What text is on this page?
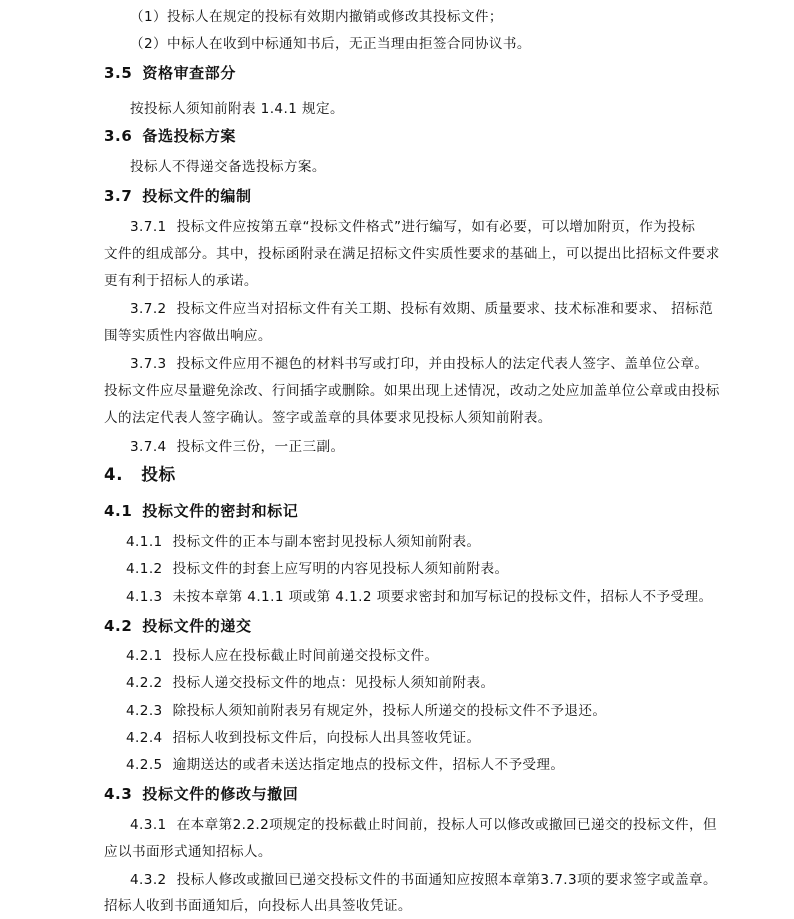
（1）投标人在规定的投标有效期内撤销或修改其投标文件；
（2）中标人在收到中标通知书后，无正当理由拒签合同协议书。
3.5 资格审查部分
按投标人须知前附表 1.4.1 规定。
3.6 备选投标方案
投标人不得递交备选投标方案。
3.7 投标文件的编制
3.7.1 投标文件应按第五章“投标文件格式”进行编写，如有必要，可以增加附页，作为投标
文件的组成部分。其中，投标函附录在满足招标文件实质性要求的基础上，可以提出比招标文件要求
更有利于招标人的承诺。
3.7.2 投标文件应当对招标文件有关工期、投标有效期、质量要求、技术标准和要求、 招标范
围等实质性内容做出响应。
3.7.3 投标文件应用不褪色的材料书写或打印，并由投标人的法定代表人签字、盖单位公章。
投标文件应尽量避免涂改、行间插字或删除。如果出现上述情况，改动之处应加盖单位公章或由投标
人的法定代表人签字确认。签字或盖章的具体要求见投标人须知前附表。
3.7.4 投标文件三份，一正三副。
4. 投标
4.1 投标文件的密封和标记
4.1.1 投标文件的正本与副本密封见投标人须知前附表。
4.1.2 投标文件的封套上应写明的内容见投标人须知前附表。
4.1.3 未按本章第 4.1.1 项或第 4.1.2 项要求密封和加写标记的投标文件，招标人不予受理。
4.2 投标文件的递交
4.2.1 投标人应在投标截止时间前递交投标文件。
4.2.2 投标人递交投标文件的地点：见投标人须知前附表。
4.2.3 除投标人须知前附表另有规定外，投标人所递交的投标文件不予退还。
4.2.4 招标人收到投标文件后，向投标人出具签收凭证。
4.2.5 逾期送达的或者未送达指定地点的投标文件，招标人不予受理。
4.3 投标文件的修改与撤回
4.3.1 在本章第2.2.2项规定的投标截止时间前，投标人可以修改或撤回已递交的投标文件，但
应以书面形式通知招标人。
4.3.2 投标人修改或撤回已递交投标文件的书面通知应按照本章第3.7.3项的要求签字或盖章。
招标人收到书面通知后，向投标人出具签收凭证。
